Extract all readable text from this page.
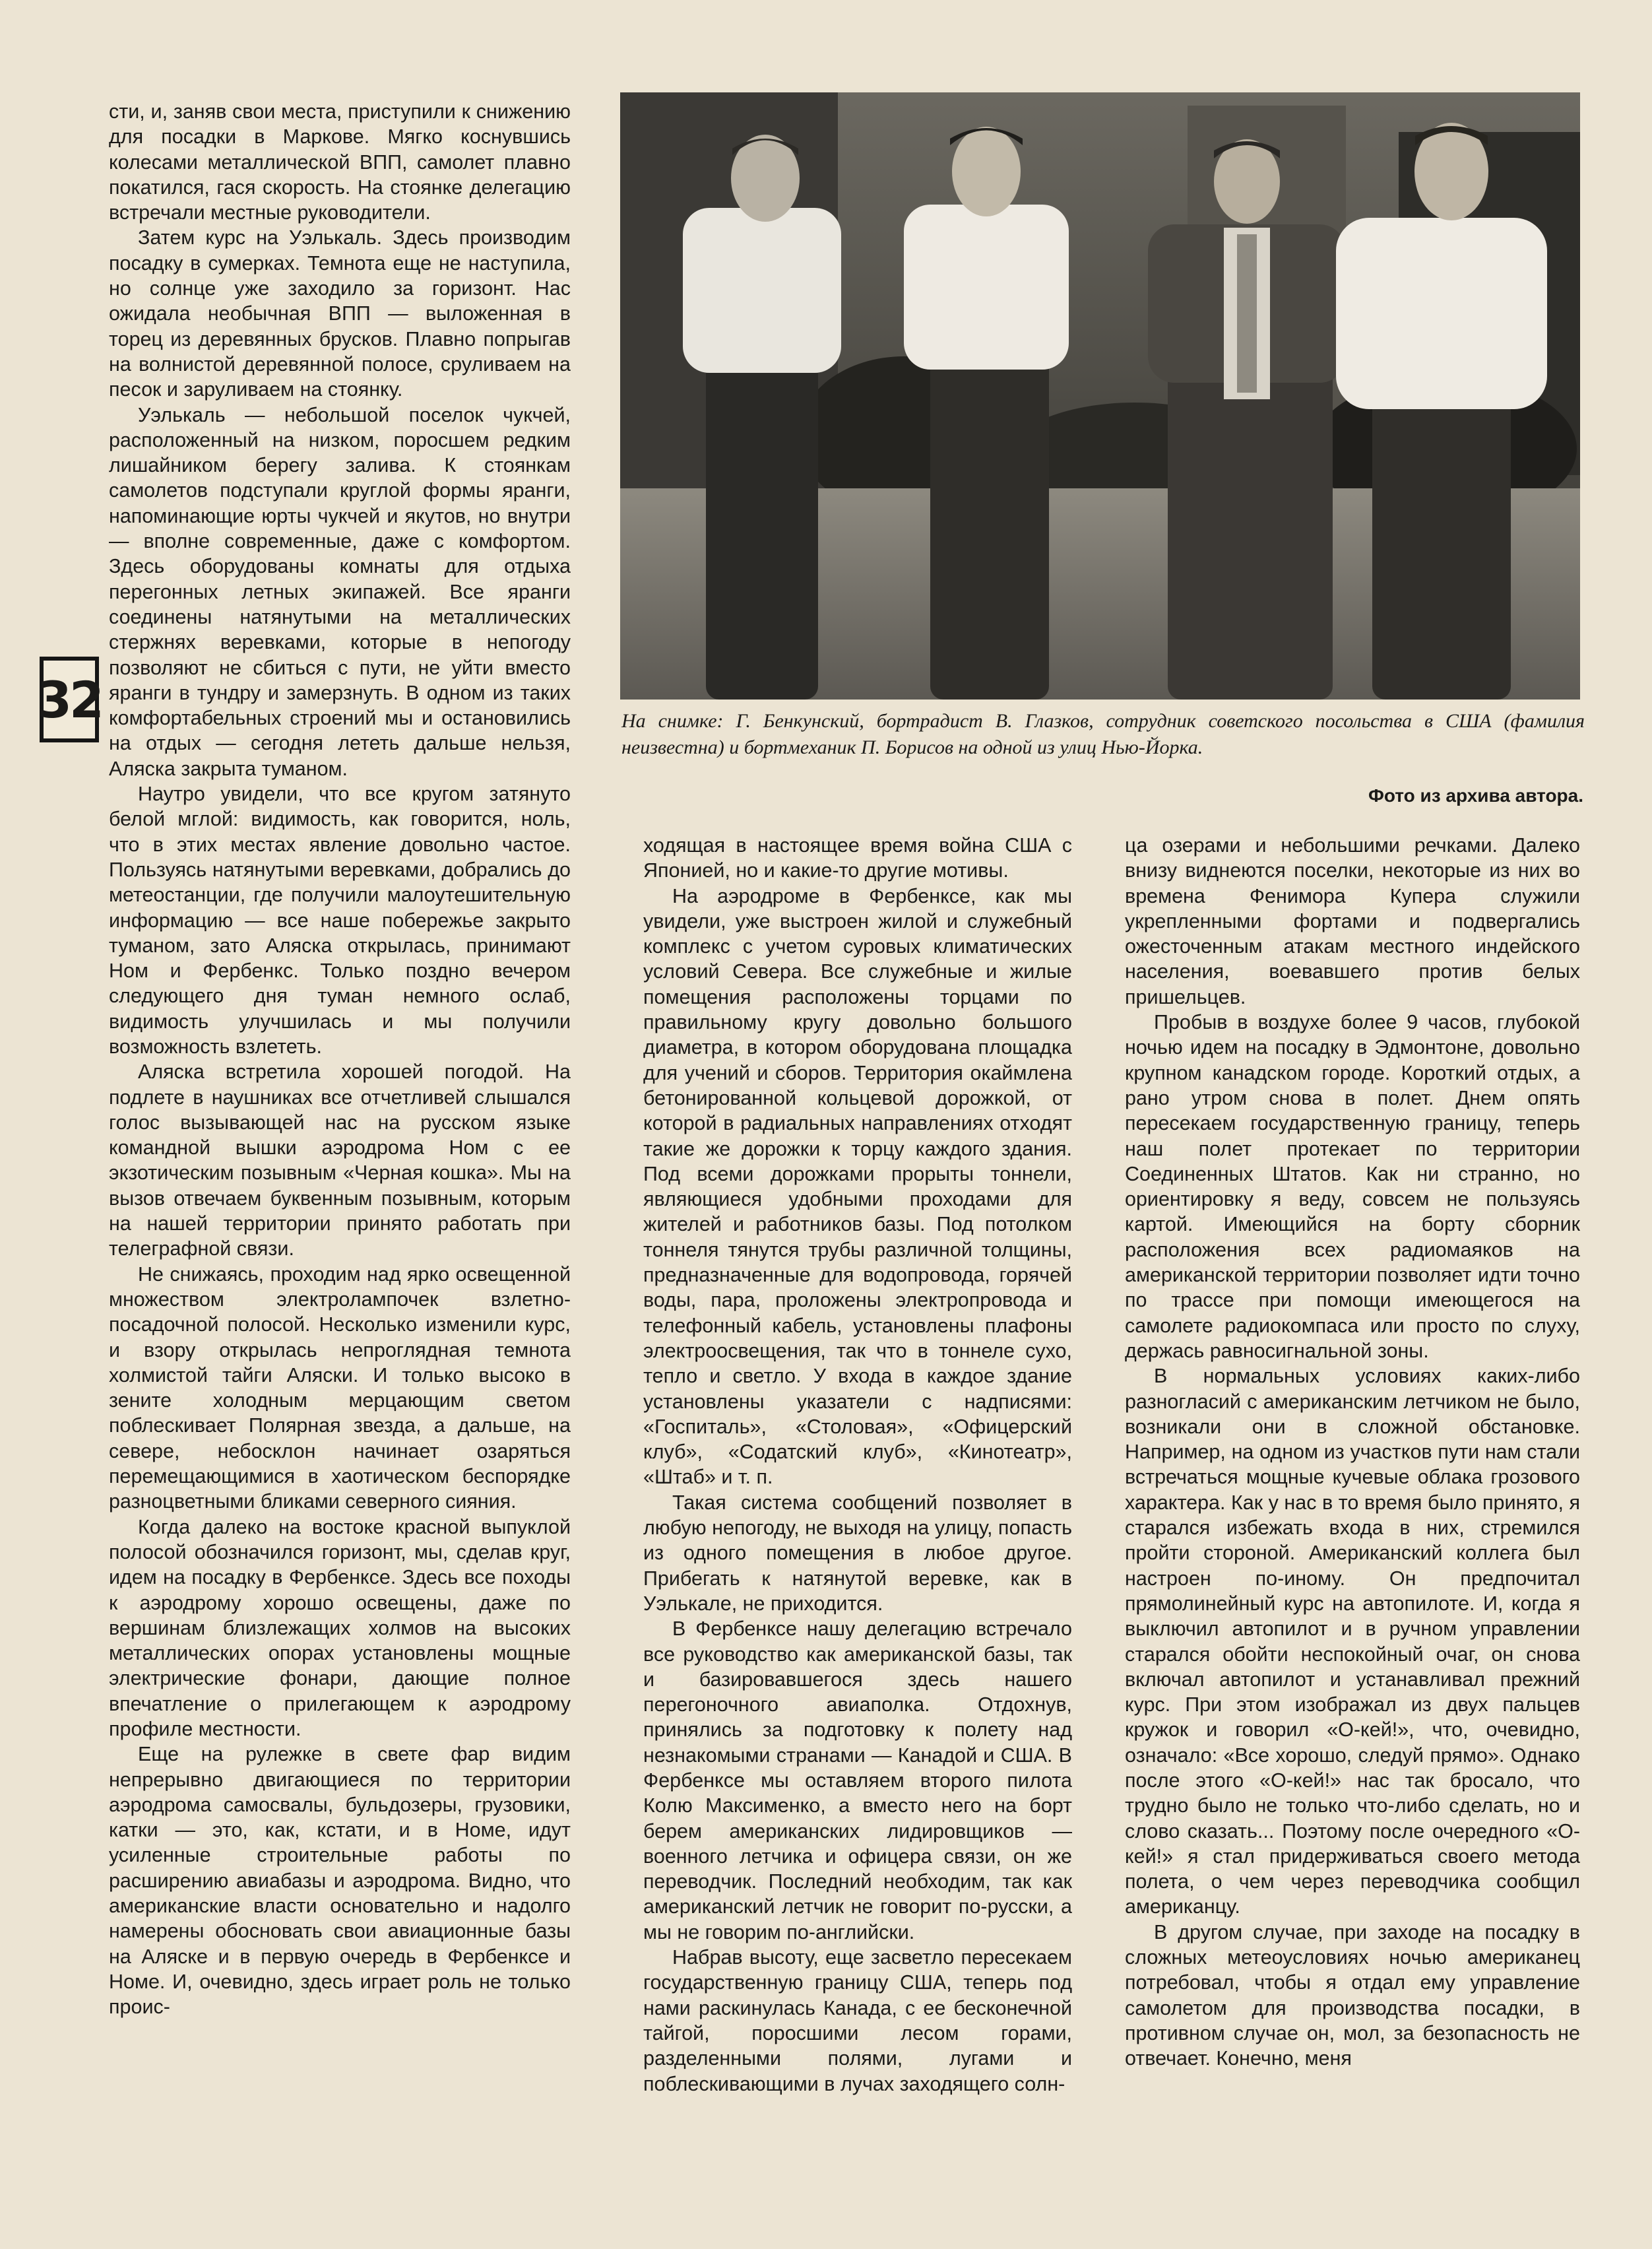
32

сти, и, заняв свои места, приступили к снижению для посадки в Маркове. Мягко коснувшись колесами металлической ВПП, самолет плавно покатился, гася скорость. На стоянке делегацию встречали местные руководители.

Затем курс на Уэлькаль. Здесь производим посадку в сумерках. Темнота еще не наступила, но солнце уже заходило за горизонт. Нас ожидала необычная ВПП — выложенная в торец из деревянных брусков. Плавно попрыгав на волнистой деревянной полосе, сруливаем на песок и заруливаем на стоянку.

Уэлькаль — небольшой поселок чукчей, расположенный на низком, поросшем редким лишайником берегу залива. К стоянкам самолетов подступали круглой формы яранги, напоминающие юрты чукчей и якутов, но внутри — вполне современные, даже с комфортом. Здесь оборудованы комнаты для отдыха перегонных летных экипажей. Все яранги соединены натянутыми на металлических стержнях веревками, которые в непогоду позволяют не сбиться с пути, не уйти вместо яранги в тундру и замерзнуть. В одном из таких комфортабельных строений мы и остановились на отдых — сегодня лететь дальше нельзя, Аляска закрыта туманом.

Наутро увидели, что все кругом затянуто белой мглой: видимость, как говорится, ноль, что в этих местах явление довольно частое. Пользуясь натянутыми веревками, добрались до метеостанции, где получили малоутешительную информацию — все наше побережье закрыто туманом, зато Аляска открылась, принимают Ном и Фербенкс. Только поздно вечером следующего дня туман немного ослаб, видимость улучшилась и мы получили возможность взлететь.

Аляска встретила хорошей погодой. На подлете в наушниках все отчетливей слышался голос вызывающей нас на русском языке командной вышки аэродрома Ном с ее экзотическим позывным «Черная кошка». Мы на вызов отвечаем буквенным позывным, которым на нашей территории принято работать при телеграфной связи.

Не снижаясь, проходим над ярко освещенной множеством электролампочек взлетно-посадочной полосой. Несколько изменили курс, и взору открылась непроглядная темнота холмистой тайги Аляски. И только высоко в зените холодным мерцающим светом поблескивает Полярная звезда, а дальше, на севере, небосклон начинает озаряться перемещающимися в хаотическом беспорядке разноцветными бликами северного сияния.

Когда далеко на востоке красной выпуклой полосой обозначился горизонт, мы, сделав круг, идем на посадку в Фербенксе. Здесь все походы к аэродрому хорошо освещены, даже по вершинам близлежащих холмов на высоких металлических опорах установлены мощные электрические фонари, дающие полное впечатление о прилегающем к аэродрому профиле местности.

Еще на рулежке в свете фар видим непрерывно двигающиеся по территории аэродрома самосвалы, бульдозеры, грузовики, катки — это, как, кстати, и в Номе, идут усиленные строительные работы по расширению авиабазы и аэродрома. Видно, что американские власти основательно и надолго намерены обосновать свои авиационные базы на Аляске и в первую очередь в Фербенксе и Номе. И, очевидно, здесь играет роль не только проис-

На снимке: Г. Бенкунский, бортрадист В. Глазков, сотрудник советского посольства в США (фамилия неизвестна) и бортмеханик П. Борисов на одной из улиц Нью-Йорка.
Фото из архива автора.

ходящая в настоящее время война США с Японией, но и какие-то другие мотивы.

На аэродроме в Фербенксе, как мы увидели, уже выстроен жилой и служебный комплекс с учетом суровых климатических условий Севера. Все служебные и жилые помещения расположены торцами по правильному кругу довольно большого диаметра, в котором оборудована площадка для учений и сборов. Территория окаймлена бетонированной кольцевой дорожкой, от которой в радиальных направлениях отходят такие же дорожки к торцу каждого здания. Под всеми дорожками прорыты тоннели, являющиеся удобными проходами для жителей и работников базы. Под потолком тоннеля тянутся трубы различной толщины, предназначенные для водопровода, горячей воды, пара, проложены электропровода и телефонный кабель, установлены плафоны электроосвещения, так что в тоннеле сухо, тепло и светло. У входа в каждое здание установлены указатели с надписями: «Госпиталь», «Столовая», «Офицерский клуб», «Содатский клуб», «Кинотеатр», «Штаб» и т. п.

Такая система сообщений позволяет в любую непогоду, не выходя на улицу, попасть из одного помещения в любое другое. Прибегать к натянутой веревке, как в Уэлькале, не приходится.

В Фербенксе нашу делегацию встречало все руководство как американской базы, так и базировавшегося здесь нашего перегоночного авиаполка. Отдохнув, принялись за подготовку к полету над незнакомыми странами — Канадой и США. В Фербенксе мы оставляем второго пилота Колю Максименко, а вместо него на борт берем американских лидировщиков — военного летчика и офицера связи, он же переводчик. Последний необходим, так как американский летчик не говорит по-русски, а мы не говорим по-английски.

Набрав высоту, еще засветло пересекаем государственную границу США, теперь под нами раскинулась Канада, с ее бесконечной тайгой, поросшими лесом горами, разделенными полями, лугами и поблескивающими в лучах заходящего солн-

ца озерами и небольшими речками. Далеко внизу виднеются поселки, некоторые из них во времена Фенимора Купера служили укрепленными фортами и подвергались ожесточенным атакам местного индейского населения, воевавшего против белых пришельцев.

Пробыв в воздухе более 9 часов, глубокой ночью идем на посадку в Эдмонтоне, довольно крупном канадском городе. Короткий отдых, а рано утром снова в полет. Днем опять пересекаем государственную границу, теперь наш полет протекает по территории Соединенных Штатов. Как ни странно, но ориентировку я веду, совсем не пользуясь картой. Имеющийся на борту сборник расположения всех радиомаяков на американской территории позволяет идти точно по трассе при помощи имеющегося на самолете радиокомпаса или просто по слуху, держась равносигнальной зоны.

В нормальных условиях каких-либо разногласий с американским летчиком не было, возникали они в сложной обстановке. Например, на одном из участков пути нам стали встречаться мощные кучевые облака грозового характера. Как у нас в то время было принято, я старался избежать входа в них, стремился пройти стороной. Американский коллега был настроен по-иному. Он предпочитал прямолинейный курс на автопилоте. И, когда я выключил автопилот и в ручном управлении старался обойти неспокойный очаг, он снова включал автопилот и устанавливал прежний курс. При этом изображал из двух пальцев кружок и говорил «О-кей!», что, очевидно, означало: «Все хорошо, следуй прямо». Однако после этого «О-кей!» нас так бросало, что трудно было не только что-либо сделать, но и слово сказать... Поэтому после очередного «О-кей!» я стал придерживаться своего метода полета, о чем через переводчика сообщил американцу.

В другом случае, при заходе на посадку в сложных метеоусловиях ночью американец потребовал, чтобы я отдал ему управление самолетом для производства посадки, в противном случае он, мол, за безопасность не отвечает. Конечно, меня
